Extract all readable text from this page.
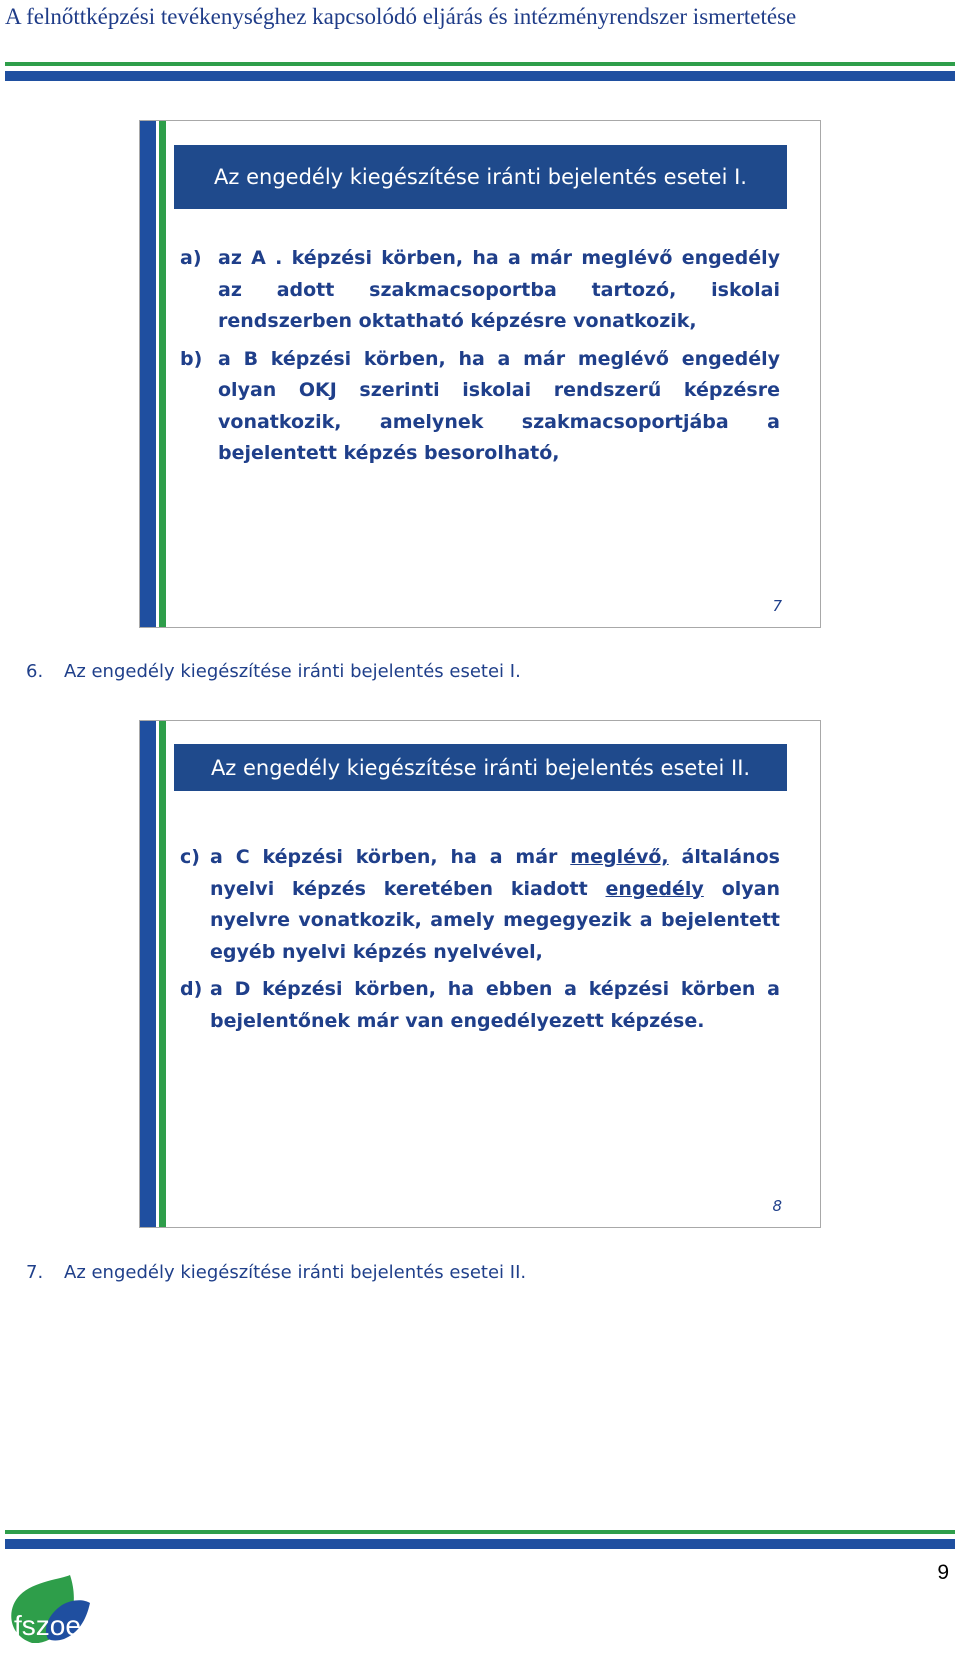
A felnőttképzési tevékenységhez kapcsolódó eljárás és intézményrendszer ismertetése
Az engedély kiegészítése iránti bejelentés esetei I.
a) az A . képzési körben, ha a már meglévő engedély az adott szakmacsoportba tartozó, iskolai rendszerben oktatható képzésre vonatkozik,
b) a B képzési körben, ha a már meglévő engedély olyan OKJ szerinti iskolai rendszerű képzésre vonatkozik, amelynek szakmacsoportjába a bejelentett képzés besorolható,
7
6. Az engedély kiegészítése iránti bejelentés esetei I.
Az engedély kiegészítése iránti bejelentés esetei II.
c) a C képzési körben, ha a már meglévő, általános nyelvi képzés keretében kiadott engedély olyan nyelvre vonatkozik, amely megegyezik a bejelentett egyéb nyelvi képzés nyelvével,
d) a D képzési körben, ha ebben a képzési körben a bejelentőnek már van engedélyezett képzése.
8
7. Az engedély kiegészítése iránti bejelentés esetei II.
fszoe
9
